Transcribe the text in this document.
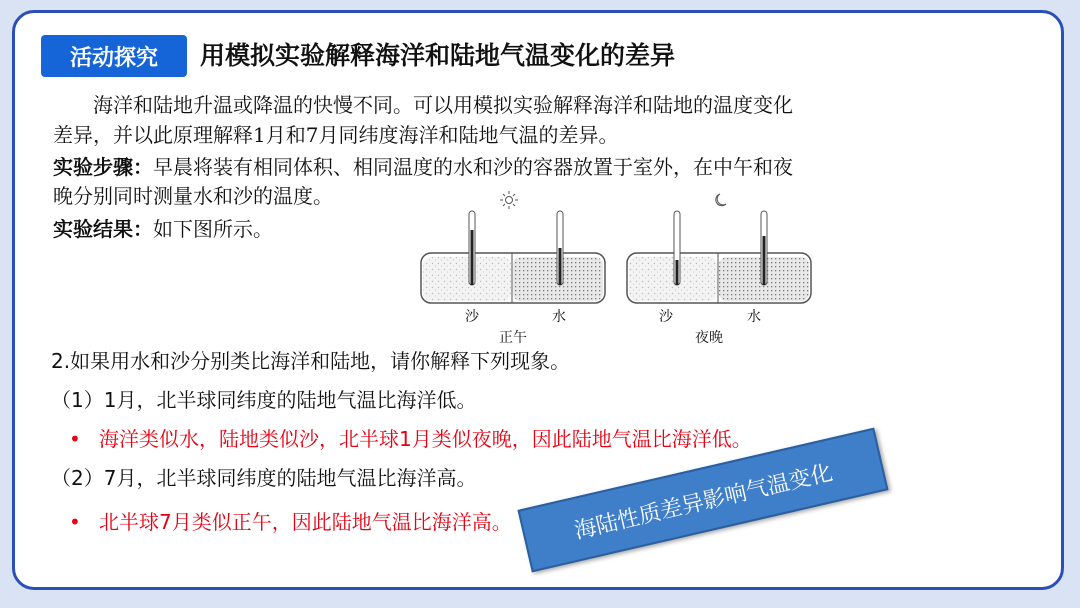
活动探究	用模拟实验解释海洋和陆地气温变化的差异
海洋和陆地升温或降温的快慢不同。可以用模拟实验解释海洋和陆地的温度变化
差异，并以此原理解释1月和7月同纬度海洋和陆地气温的差异。
实验步骤：早晨将装有相同体积、相同温度的水和沙的容器放置于室外，在中午和夜
晚分别同时测量水和沙的温度。
实验结果：如下图所示。
沙	水
正午
沙	水
夜晚
2.如果用水和沙分别类比海洋和陆地，请你解释下列现象。
（1）1月，北半球同纬度的陆地气温比海洋低。
• 海洋类似水，陆地类似沙，北半球1月类似夜晚，因此陆地气温比海洋低。
（2）7月，北半球同纬度的陆地气温比海洋高。
• 北半球7月类似正午，因此陆地气温比海洋高。	海陆性质差异影响气温变化
